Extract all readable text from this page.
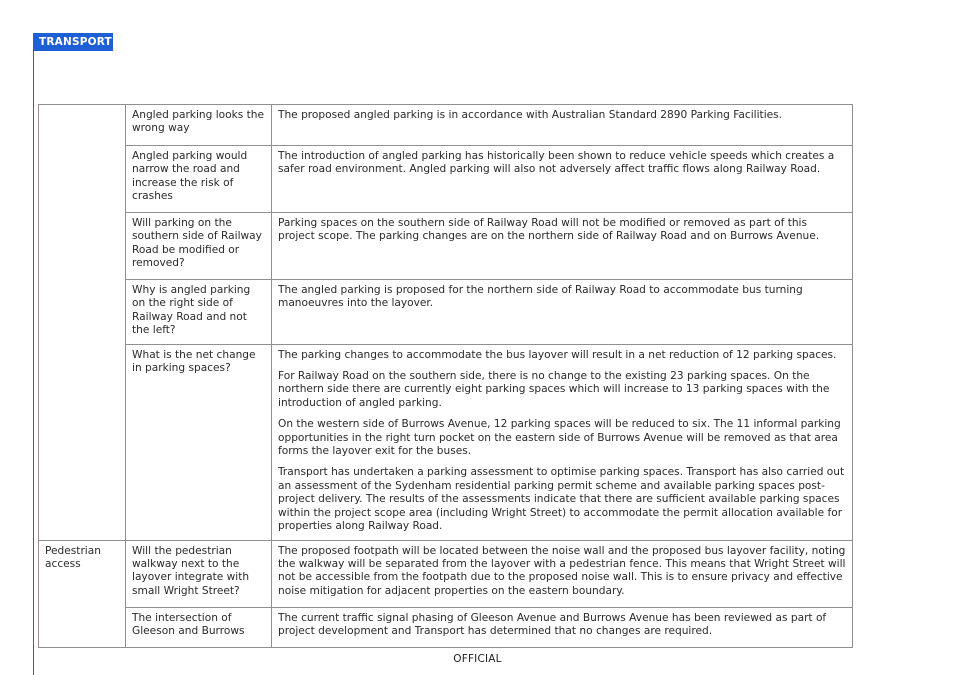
TRANSPORT
	Angled parking looks the wrong way	The proposed angled parking is in accordance with Australian Standard 2890 Parking Facilities.

	Angled parking would narrow the road and increase the risk of crashes	The introduction of angled parking has historically been shown to reduce vehicle speeds which creates a safer road environment. Angled parking will also not adversely affect traffic flows along Railway Road.

	Will parking on the southern side of Railway Road be modified or removed?	Parking spaces on the southern side of Railway Road will not be modified or removed as part of this project scope. The parking changes are on the northern side of Railway Road and on Burrows Avenue.

	Why is angled parking on the right side of Railway Road and not the left?	The angled parking is proposed for the northern side of Railway Road to accommodate bus turning manoeuvres into the layover.

	What is the net change in parking spaces?	The parking changes to accommodate the bus layover will result in a net reduction of 12 parking spaces.

For Railway Road on the southern side, there is no change to the existing 23 parking spaces. On the northern side there are currently eight parking spaces which will increase to 13 parking spaces with the introduction of angled parking.

On the western side of Burrows Avenue, 12 parking spaces will be reduced to six. The 11 informal parking opportunities in the right turn pocket on the eastern side of Burrows Avenue will be removed as that area forms the layover exit for the buses.

Transport has undertaken a parking assessment to optimise parking spaces. Transport has also carried out an assessment of the Sydenham residential parking permit scheme and available parking spaces post-project delivery. The results of the assessments indicate that there are sufficient available parking spaces within the project scope area (including Wright Street) to accommodate the permit allocation available for properties along Railway Road.

Pedestrian access	Will the pedestrian walkway next to the layover integrate with small Wright Street?	The proposed footpath will be located between the noise wall and the proposed bus layover facility, noting the walkway will be separated from the layover with a pedestrian fence. This means that Wright Street will not be accessible from the footpath due to the proposed noise wall. This is to ensure privacy and effective noise mitigation for adjacent properties on the eastern boundary.

	The intersection of Gleeson and Burrows	The current traffic signal phasing of Gleeson Avenue and Burrows Avenue has been reviewed as part of project development and Transport has determined that no changes are required.

OFFICIAL
